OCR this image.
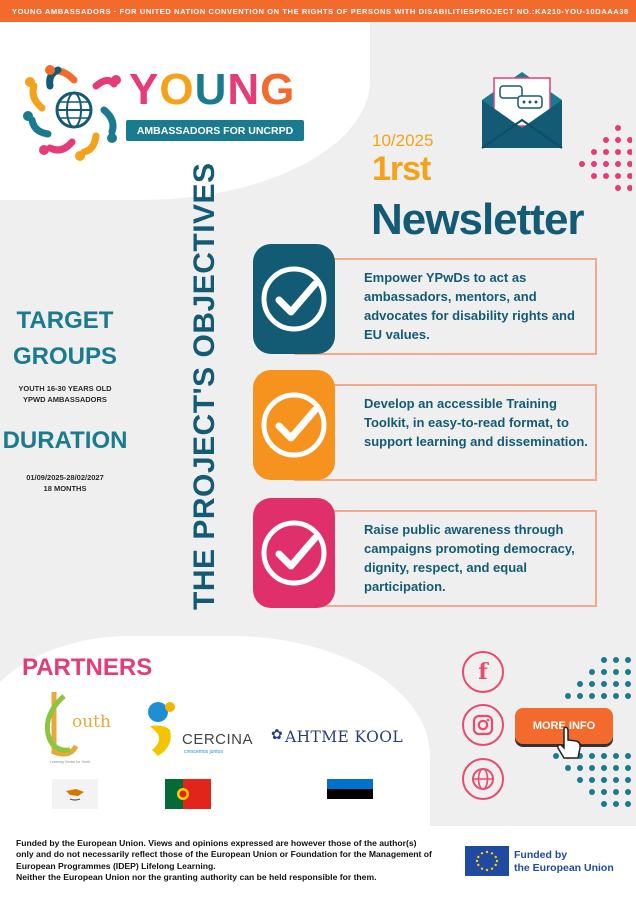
YOUNG AMBASSADORS · FOR UNITED NATION CONVENTION ON THE RIGHTS OF PERSONS WITH DISABILITIES PROJECT NO.:KA210-YOU-10DAAA38
YOUNG
AMBASSADORS FOR UNCRPD
10/2025
1rst
Newsletter
TARGET
GROUPS
YOUTH 16-30 YEARS OLD
YPWD AMBASSADORS
DURATION
01/09/2025-28/02/2027
18 MONTHS	THE PROJECT'S OBJECTIVES	Empower YPwDs to act as ambassadors, mentors, and advocates for disability rights and EU values.
Develop an accessible Training Toolkit, in easy-to-read format, to support learning and dissemination.
Raise public awareness through campaigns promoting democracy, dignity, respect, and equal participation.
PARTNERS
outh
Learning Centre for Youth
CERCINA
crescemos juntos
✿ AHTME KOOL
f
MORE INFO

Funded by the European Union. Views and opinions expressed are however those of the author(s) only and do not necessarily reflect those of the European Union or Foundation for the Management of European Programmes (IDEP) Lifelong Learning.

Neither the European Union nor the granting authority can be held responsible for them.

Funded by
the European Union
